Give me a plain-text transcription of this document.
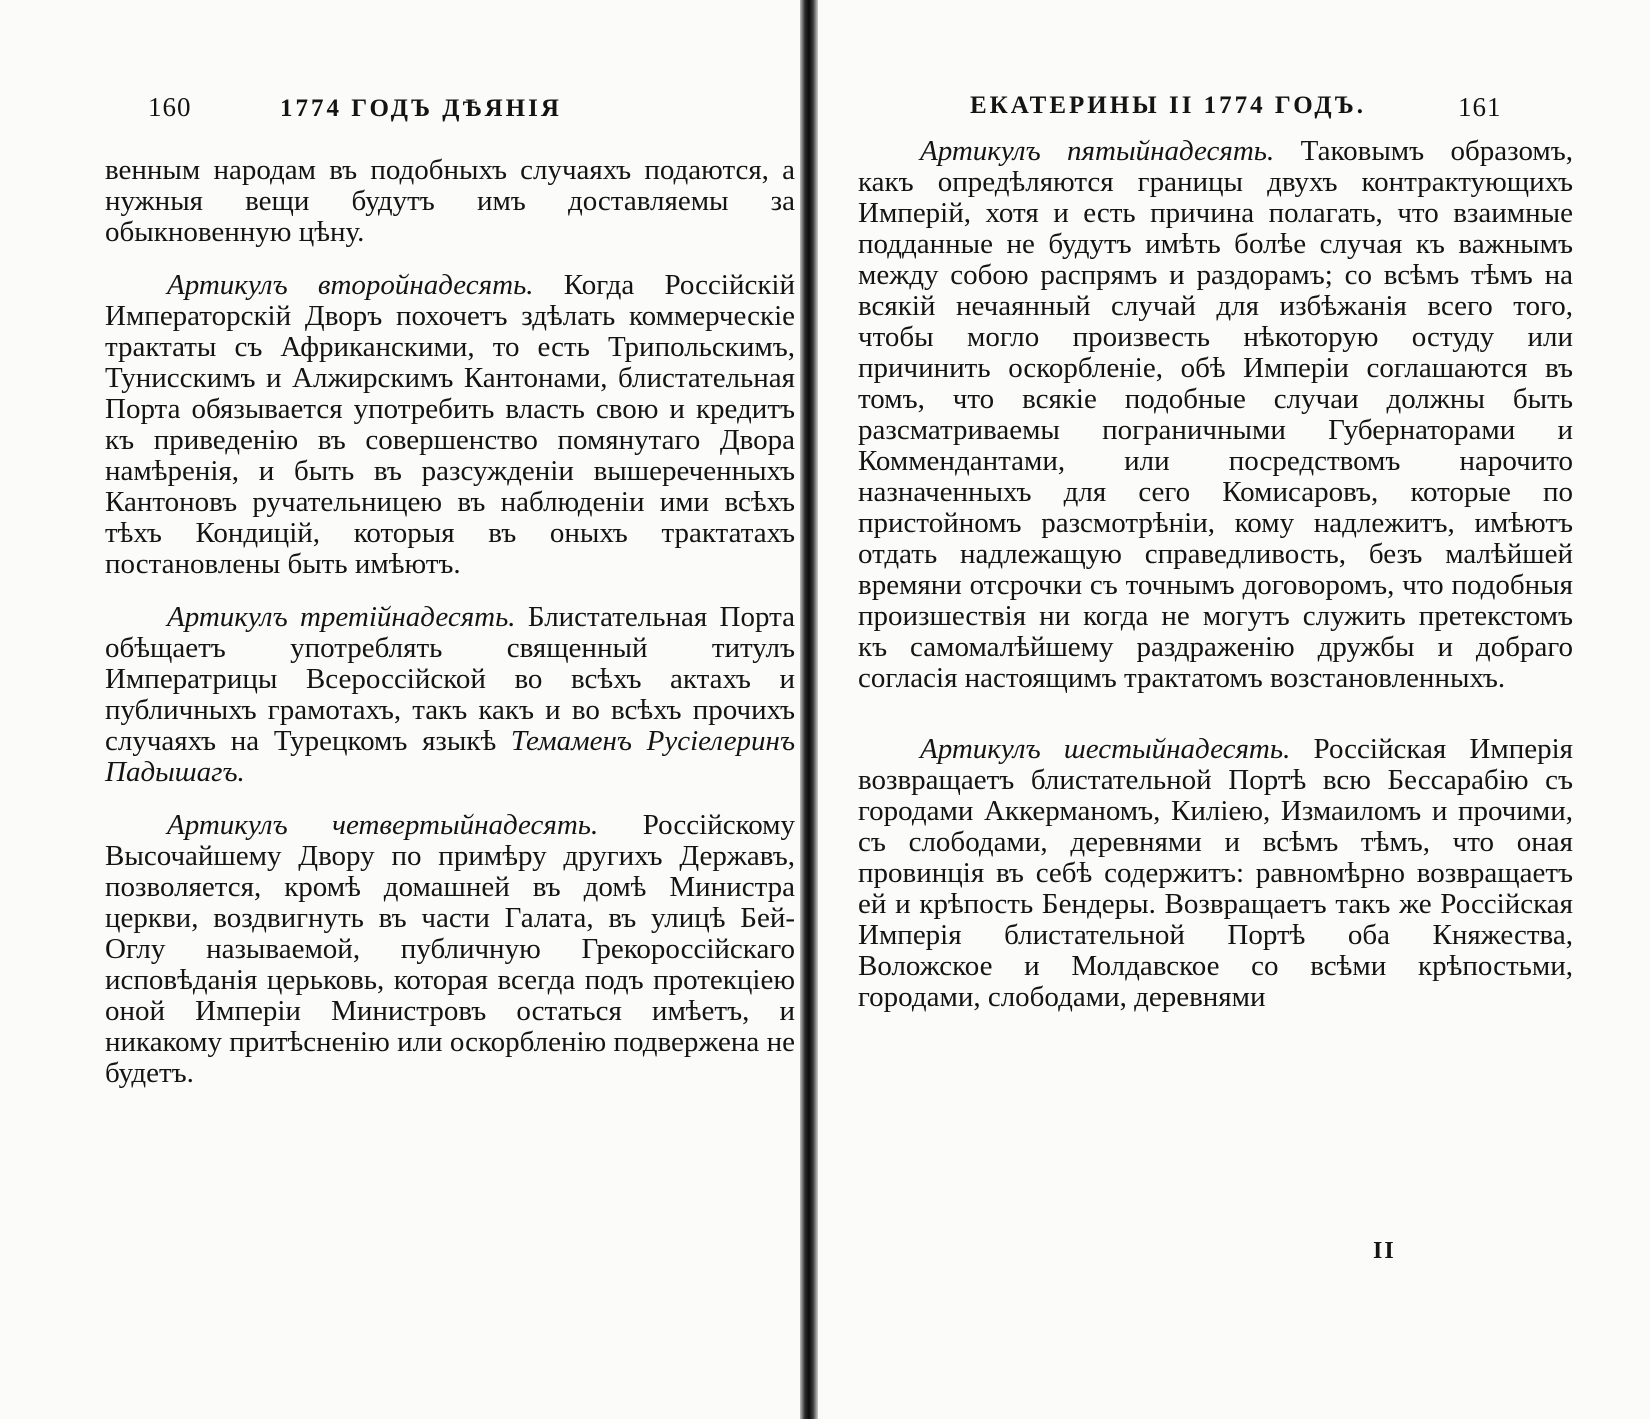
160	1774 ГОДЪ ДѢЯНІЯ

венным народам въ подобныхъ случаяхъ подаются, а нужныя вещи будутъ имъ доставляемы за обыкновенную цѣну.

Артикулъ второйнадесять. Когда Россійскій Императорскій Дворъ похочетъ здѣлать коммерческіе трактаты съ Африканскими, то есть Трипольскимъ, Тунисскимъ и Алжирскимъ Кантонами, блистательная Порта обязывается употребить власть свою и кредитъ къ приведенію въ совершенство помянутаго Двора намѣренія, и быть въ разсужденіи вышереченныхъ Кантоновъ ручательницею въ наблюденіи ими всѣхъ тѣхъ Кондицій, которыя въ оныхъ трактатахъ постановлены быть имѣютъ.

Артикулъ третійнадесять. Блистательная Порта обѣщаетъ употреблять священный титулъ Императрицы Всероссійской во всѣхъ актахъ и публичныхъ грамотахъ, такъ какъ и во всѣхъ прочихъ случаяхъ на Турецкомъ языкѣ Темаменъ Русіелеринъ Падышагъ.

Артикулъ четвертыйнадесять. Россійскому Высочайшему Двору по примѣру другихъ Державъ, позволяется, кромѣ домашней въ домѣ Министра церкви, воздвигнуть въ части Галата, въ улицѣ Бей-Оглу называемой, публичную Грекороссійскаго исповѣданія церьковь, которая всегда подъ протекціею оной Имперіи Министровъ остаться имѣетъ, и никакому притѣсненію или оскорбленію подвержена не будетъ.

ЕКАТЕРИНЫ II 1774 ГОДЪ.	161

Артикулъ пятыйнадесять. Таковымъ образомъ, какъ опредѣляются границы двухъ контрактующихъ Имперій, хотя и есть причина полагать, что взаимные подданные не будутъ имѣть болѣе случая къ важнымъ между собою распрямъ и раздорамъ; со всѣмъ тѣмъ на всякій нечаянный случай для избѣжанія всего того, чтобы могло произвесть нѣкоторую остуду или причинить оскорбленіе, обѣ Имперіи соглашаются въ томъ, что всякіе подобные случаи должны быть разсматриваемы пограничными Губернаторами и Коммендантами, или посредствомъ нарочито назначенныхъ для сего Комисаровъ, которые по пристойномъ разсмотрѣніи, кому надлежитъ, имѣютъ отдать надлежащую справедливость, безъ малѣйшей времяни отсрочки съ точнымъ договоромъ, что подобныя произшествія ни когда не могутъ служить претекстомъ къ самомалѣйшему раздраженію дружбы и добраго согласія настоящимъ трактатомъ возстановленныхъ.

Артикулъ шестыйнадесять. Россійская Имперія возвращаетъ блистательной Портѣ всю Бессарабію съ городами Аккерманомъ, Киліею, Измаиломъ и прочими, съ слободами, деревнями и всѣмъ тѣмъ, что оная провинція въ себѣ содержитъ: равномѣрно возвращаетъ ей и крѣпость Бендеры. Возвращаетъ такъ же Россійская Имперія блистательной Портѣ оба Княжества, Воложское и Молдавское со всѣми крѣпостьми, городами, слободами, деревнями

II
